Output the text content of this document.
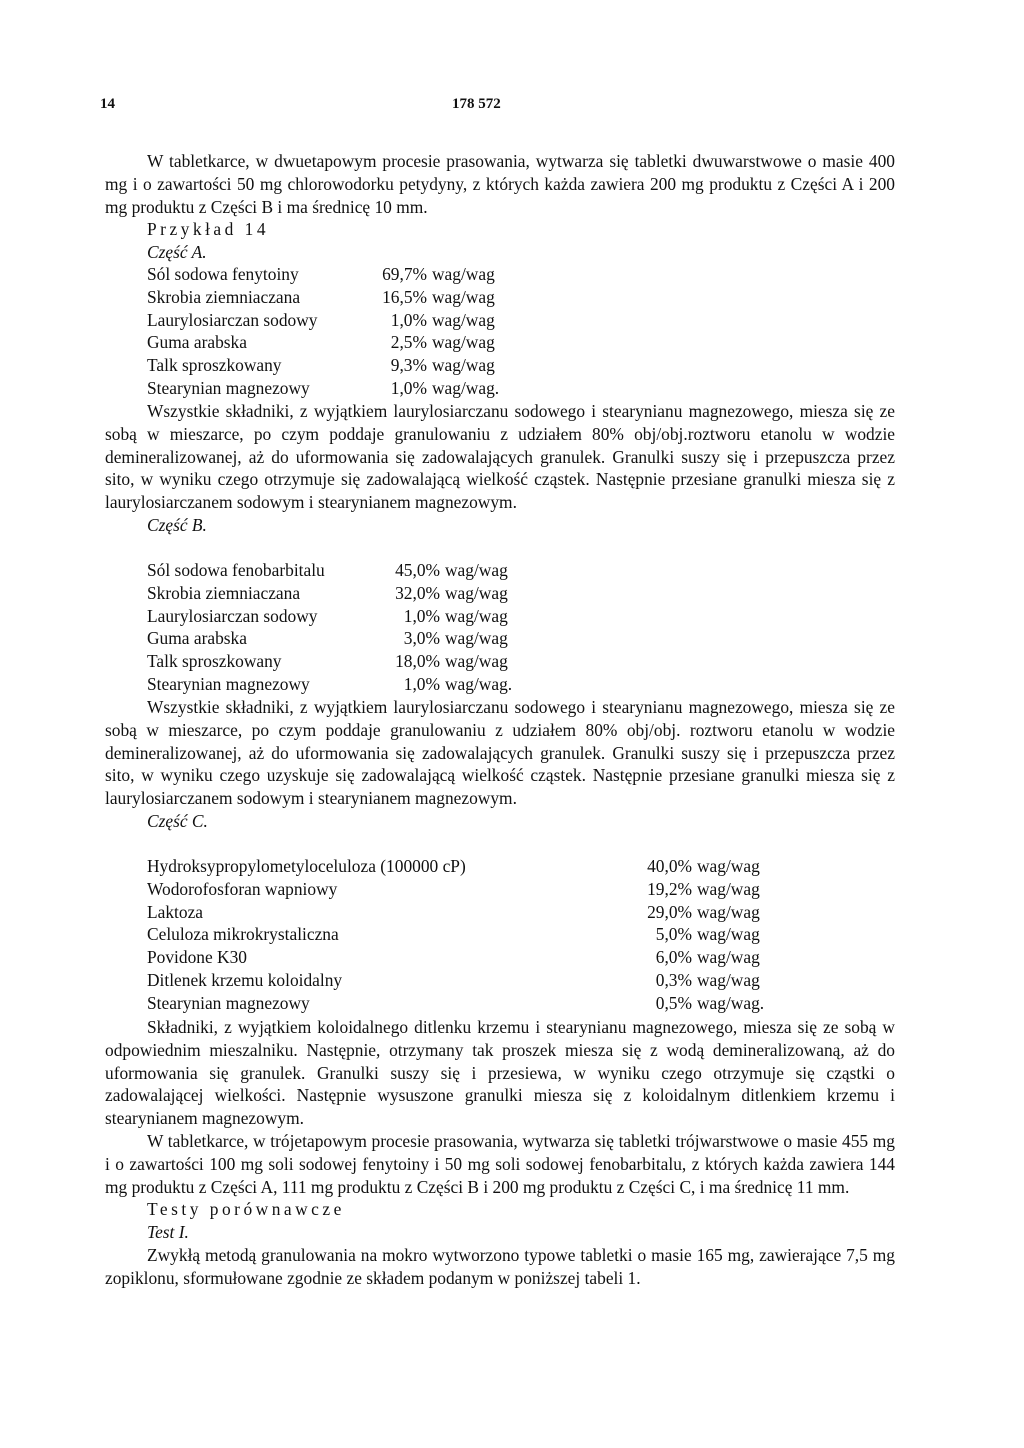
14	178 572
W tabletkarce, w dwuetapowym procesie prasowania, wytwarza się tabletki dwuwarstwowe o masie 400 mg i o zawartości 50 mg chlorowodorku petydyny, z których każda zawiera 200 mg produktu z Części A i 200 mg produktu z Części B i ma średnicę 10 mm.
Przykład 14
Część A.
Sól sodowa fenytoiny	69,7% wag/wag
Skrobia ziemniaczana	16,5% wag/wag
Laurylosiarczan sodowy	1,0% wag/wag
Guma arabska	2,5% wag/wag
Talk sproszkowany	9,3% wag/wag
Stearynian magnezowy	1,0% wag/wag.
Wszystkie składniki, z wyjątkiem laurylosiarczanu sodowego i stearynianu magnezowego, miesza się ze sobą w mieszarce, po czym poddaje granulowaniu z udziałem 80% obj/obj.roztworu etanolu w wodzie demineralizowanej, aż do uformowania się zadowalających granulek. Granulki suszy się i przepuszcza przez sito, w wyniku czego otrzymuje się zadowalającą wielkość cząstek. Następnie przesiane granulki miesza się z laurylosiarczanem sodowym i stearynianem magnezowym.
Część B.
Sól sodowa fenobarbitalu	45,0% wag/wag
Skrobia ziemniaczana	32,0% wag/wag
Laurylosiarczan sodowy	1,0% wag/wag
Guma arabska	3,0% wag/wag
Talk sproszkowany	18,0% wag/wag
Stearynian magnezowy	1,0% wag/wag.
Wszystkie składniki, z wyjątkiem laurylosiarczanu sodowego i stearynianu magnezowego, miesza się ze sobą w mieszarce, po czym poddaje granulowaniu z udziałem 80% obj/obj. roztworu etanolu w wodzie demineralizowanej, aż do uformowania się zadowalających granulek. Granulki suszy się i przepuszcza przez sito, w wyniku czego uzyskuje się zadowalającą wielkość cząstek. Następnie przesiane granulki miesza się z laurylosiarczanem sodowym i stearynianem magnezowym.
Część C.
Hydroksypropylometyloceluloza (100000 cP)	40,0% wag/wag
Wodorofosforan wapniowy	19,2% wag/wag
Laktoza	29,0% wag/wag
Celuloza mikrokrystaliczna	5,0% wag/wag
Povidone K30	6,0% wag/wag
Ditlenek krzemu koloidalny	0,3% wag/wag
Stearynian magnezowy	0,5% wag/wag.
Składniki, z wyjątkiem koloidalnego ditlenku krzemu i stearynianu magnezowego, miesza się ze sobą w odpowiednim mieszalniku. Następnie, otrzymany tak proszek miesza się z wodą demineralizowaną, aż do uformowania się granulek. Granulki suszy się i przesiewa, w wyniku czego otrzymuje się cząstki o zadowalającej wielkości. Następnie wysuszone granulki miesza się z koloidalnym ditlenkiem krzemu i stearynianem magnezowym.
W tabletkarce, w trójetapowym procesie prasowania, wytwarza się tabletki trójwarstwowe o masie 455 mg i o zawartości 100 mg soli sodowej fenytoiny i 50 mg soli sodowej fenobarbitalu, z których każda zawiera 144 mg produktu z Części A, 111 mg produktu z Części B i 200 mg produktu z Części C, i ma średnicę 11 mm.
Testy porównawcze
Test I.
Zwykłą metodą granulowania na mokro wytworzono typowe tabletki o masie 165 mg, zawierające 7,5 mg zopiklonu, sformułowane zgodnie ze składem podanym w poniższej tabeli 1.
